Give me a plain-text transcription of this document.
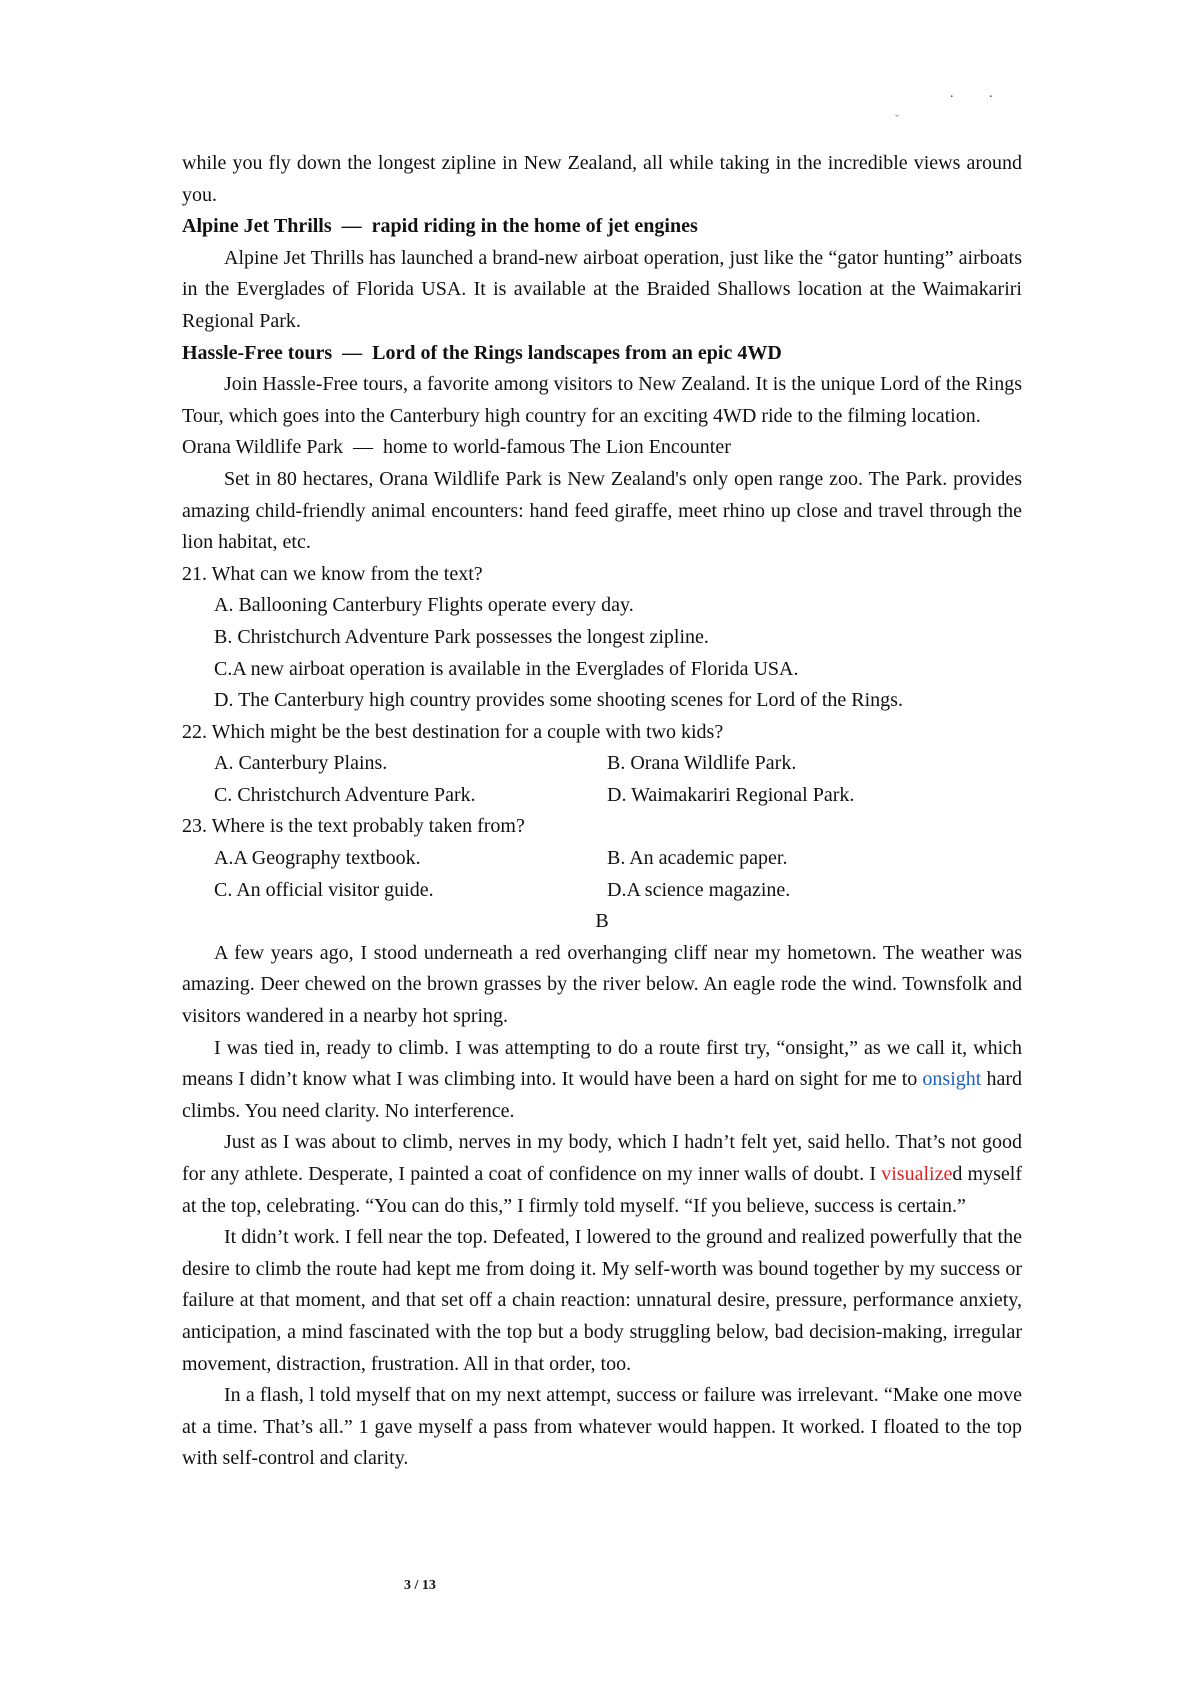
. .
ˇ

while you fly down the longest zipline in New Zealand, all while taking in the incredible views around you.

Alpine Jet Thrills — rapid riding in the home of jet engines

Alpine Jet Thrills has launched a brand-new airboat operation, just like the “gator hunting” airboats in the Everglades of Florida USA. It is available at the Braided Shallows location at the Waimakariri Regional Park.

Hassle-Free tours — Lord of the Rings landscapes from an epic 4WD

Join Hassle-Free tours, a favorite among visitors to New Zealand. It is the unique Lord of the Rings Tour, which goes into the Canterbury high country for an exciting 4WD ride to the filming location.

Orana Wildlife Park — home to world-famous The Lion Encounter

Set in 80 hectares, Orana Wildlife Park is New Zealand's only open range zoo. The Park. provides amazing child-friendly animal encounters: hand feed giraffe, meet rhino up close and travel through the lion habitat, etc.

21. What can we know from the text?

A. Ballooning Canterbury Flights operate every day.

B. Christchurch Adventure Park possesses the longest zipline.

C.A new airboat operation is available in the Everglades of Florida USA.

D. The Canterbury high country provides some shooting scenes for Lord of the Rings.

22. Which might be the best destination for a couple with two kids?

A. Canterbury Plains.	B. Orana Wildlife Park.
C. Christchurch Adventure Park.	D. Waimakariri Regional Park.

23. Where is the text probably taken from?

A.A Geography textbook.	B. An academic paper.
C. An official visitor guide.	D.A science magazine.

B

A few years ago, I stood underneath a red overhanging cliff near my hometown. The weather was amazing. Deer chewed on the brown grasses by the river below. An eagle rode the wind. Townsfolk and visitors wandered in a nearby hot spring.

I was tied in, ready to climb. I was attempting to do a route first try, “onsight,” as we call it, which means I didn’t know what I was climbing into. It would have been a hard on sight for me to onsight hard climbs. You need clarity. No interference.

Just as I was about to climb, nerves in my body, which I hadn’t felt yet, said hello. That’s not good for any athlete. Desperate, I painted a coat of confidence on my inner walls of doubt. I visualized myself at the top, celebrating. “You can do this,” I firmly told myself. “If you believe, success is certain.”

It didn’t work. I fell near the top. Defeated, I lowered to the ground and realized powerfully that the desire to climb the route had kept me from doing it. My self-worth was bound together by my success or failure at that moment, and that set off a chain reaction: unnatural desire, pressure, performance anxiety, anticipation, a mind fascinated with the top but a body struggling below, bad decision-making, irregular movement, distraction, frustration. All in that order, too.

In a flash, l told myself that on my next attempt, success or failure was irrelevant. “Make one move at a time. That’s all.” 1 gave myself a pass from whatever would happen. It worked. I floated to the top with self-control and clarity.

3 / 13
